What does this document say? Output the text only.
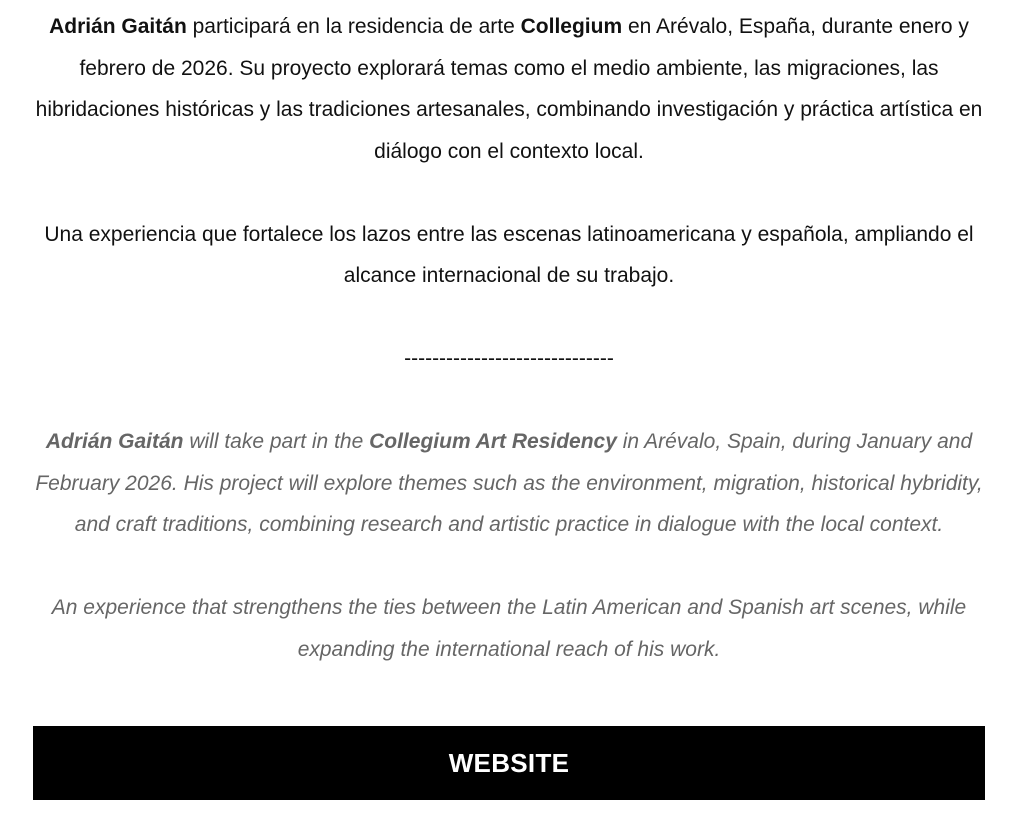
Adrián Gaitán participará en la residencia de arte Collegium en Arévalo, España, durante enero y febrero de 2026. Su proyecto explorará temas como el medio ambiente, las migraciones, las hibridaciones históricas y las tradiciones artesanales, combinando investigación y práctica artística en diálogo con el contexto local.

Una experiencia que fortalece los lazos entre las escenas latinoamericana y española, ampliando el alcance internacional de su trabajo.

------------------------------

Adrián Gaitán will take part in the Collegium Art Residency in Arévalo, Spain, during January and February 2026. His project will explore themes such as the environment, migration, historical hybridity, and craft traditions, combining research and artistic practice in dialogue with the local context.

An experience that strengthens the ties between the Latin American and Spanish art scenes, while expanding the international reach of his work.

WEBSITE
